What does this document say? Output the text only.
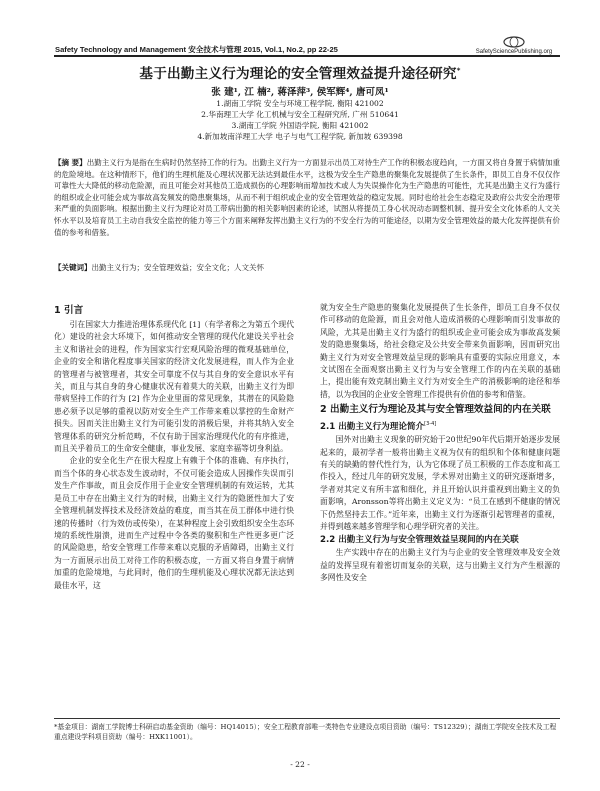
Safety Technology and Management 安全技术与管理 2015, Vol.1, No.2, pp 22-25	SafetySciencePublishing.org
基于出勤主义行为理论的安全管理效益提升途径研究*
张 建¹, 江 楠², 蒋泽萍³, 侯军辉⁴, 唐可凤¹
1.湖南工学院 安全与环境工程学院, 衡阳 421002
2.华南理工大学 化工机械与安全工程研究所, 广州 510641
3.湖南工学院 外国语学院, 衡阳 421002
4.新加坡南洋理工大学 电子与电气工程学院, 新加坡 639398
【摘 要】出勤主义行为是指在生病时仍然坚持工作的行为。出勤主义行为一方面显示出员工对待生产工作的积极态度趋向，一方面又将自身置于病情加重的危险境地。在这种情形下，他们的生理机能及心理状况都无法达到最佳水平，这极为安全生产隐患的聚集化发展提供了生长条件，即员工自身不仅仅作可靠性大大降低的移动危险源，而且可能会对其他员工造成损伤的心理影响而增加技术或人为失误操作化为生产隐患的可能性，尤其是出勤主义行为盛行的组织或企业可能会成为事故高发频发的隐患聚集场，从而不利于组织或企业的安全管理效益的稳定发展。同时也给社会生态稳定及政府公共安全治理带来严重的负面影响。根据出勤主义行为理论对员工带病出勤的相关影响因素的论述，试图从将提员工身心状况动态调整机制、提升安全文化体系的人文关怀水平以及培育员工主动自我安全监控的能力等三个方面来阐释发挥出勤主义行为的不安全行为的可能途径，以期为安全管理效益的最大化发挥提供有价值的参考和借鉴。
【关键词】出勤主义行为；安全管理效益；安全文化；人文关怀
1 引言

引在国家大力推进治理体系现代化 [1]（有学者称之为第五个现代化）建设的社会大环境下，如何推动安全管理的现代化建设关乎社会主义和谐社会的进程，作为国家实行宏观风险治理的微观基础单位，企业的安全和谐化程度事关国家的经济文化发展进程，而人作为企业的管理者与被管理者，其安全可靠度不仅与其自身的安全意识水平有关，而且与其自身的身心健康状况有着莫大的关联，出勤主义行为即带病坚持工作的行为 [2] 作为企业里面的常见现象，其潜在的风险隐患必须予以足够的重视以防对安全生产工作带来难以掌控的生命财产损失。因而关注出勤主义行为可能引发的消极后果，并将其纳入安全管理体系的研究分析范畴，不仅有助于国家治理现代化的有序推进，而且关乎着员工的生命安全健康，事业发展、家庭幸福等切身利益。

企业的安全化生产在很大程度上有赖于个体的准确、有序执行，而当个体的身心状态发生波动时，不仅可能会造成人因操作失误而引发生产作事故，而且会反作用于企业安全管理机制的有效运转，尤其是员工中存在出勤主义行为的时候，出勤主义行为的隐匿性加大了安全管理机制发挥技术及经济效益的难度，而当其在员工群体中进行快速的传播时（行为效仿或传染），在某种程度上会引致组织安全生态环境的系统性崩溃，进而生产过程中令各类的聚积和生产性更多更广泛的风险隐患，给安全管理工作带来难以克服的矛盾障碍，出勤主义行为一方面展示出员工对待工作的积极态度，一方面又将自身置于病情加重的危险境地，与此同时，他们的生理机能及心理状况都无法达到最佳水平，这

就为安全生产隐患的聚集化发展提供了生长条件，即员工自身不仅仅作可移动的危险源，而且会对他人造成消极的心理影响而引发事故的风险，尤其是出勤主义行为盛行的组织或企业可能会成为事故高发频发的隐患聚集场，给社会稳定及公共安全带来负面影响，因而研究出勤主义行为对安全管理效益呈现的影响具有重要的实际应用意义，本文试图在全面观察出勤主义行为与安全管理工作的内在关联的基础上，提出能有效克制出勤主义行为对安全生产的消极影响的途径和举措，以为我国的企业安全管理工作提供有价值的参考和借鉴。

2 出勤主义行为理论及其与安全管理效益间的内在关联
2.1 出勤主义行为理论简介[3-4]

国外对出勤主义现象的研究始于20世纪90年代后期开始逐步发展起来的，最初学者一般将出勤主义视为仅有的组织和个体和健康问题有关的缺勤的替代性行为，认为它体现了员工积极的工作态度和高工作投入，经过几年的研究发展，学术界对出勤主义的研究逐渐增多，学者对其定义有所丰富和细化，并且开始认识并重视到出勤主义的负面影响，Aronsson等将出勤主义定义为：“员工在感到不健康的情况下仍然坚持去工作。”近年来，出勤主义行为逐渐引起管理者的重视，并得到越来越多管理学和心理学研究者的关注。

2.2 出勤主义行为与安全管理效益呈现间的内在关联

生产实践中存在的出勤主义行为与企业的安全管理效率及安全效益的发挥呈现有着密切而复杂的关联，这与出勤主义行为产生根源的多网性及安全

*基金项目：湖南工学院博士科研启动基金资助（编号：HQ14015）；安全工程教育部唯一类特色专业建设点项目资助（编号：TS12329）；湖南工学院安全技术及工程重点建设学科项目资助（编号：HXK11001）。
- 22 -
